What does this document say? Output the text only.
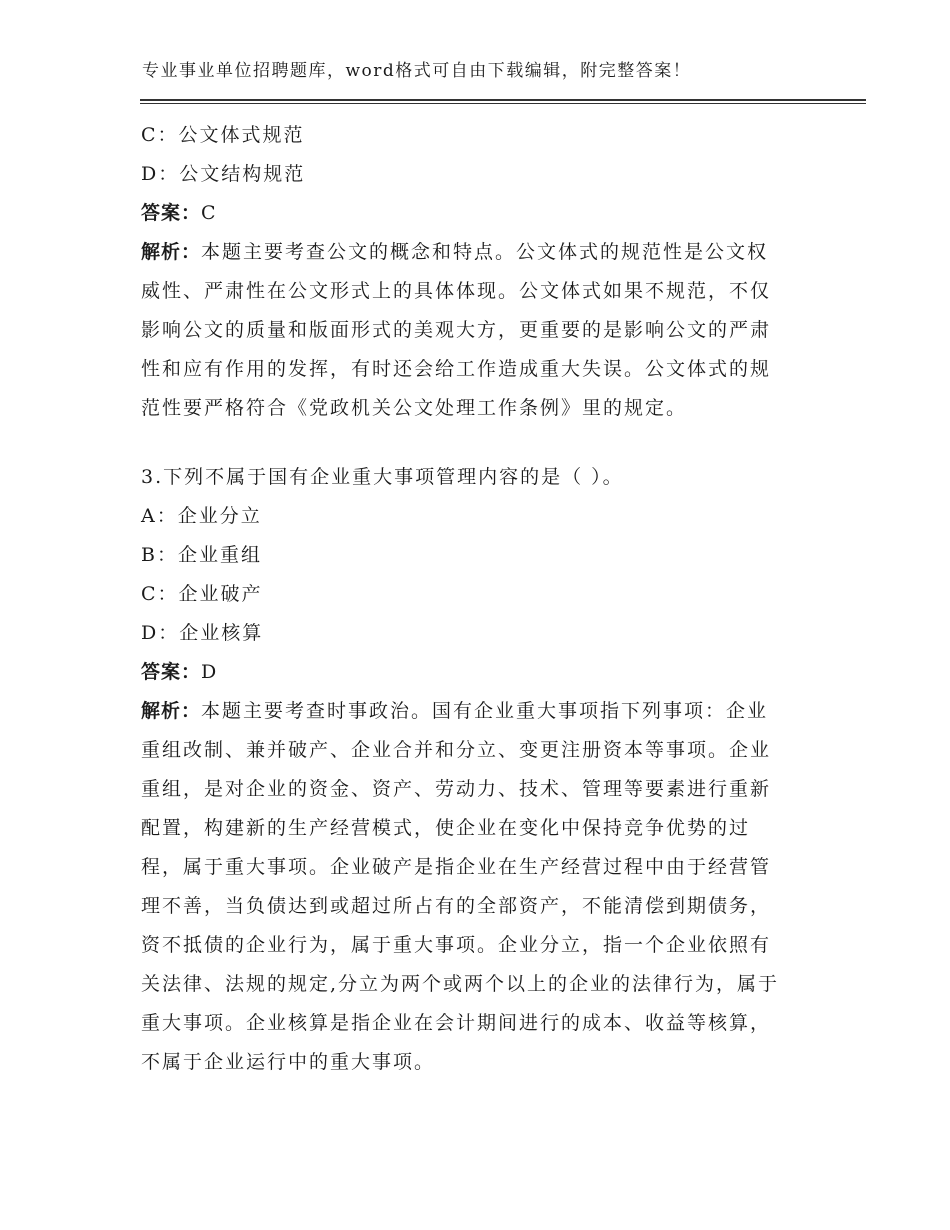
专业事业单位招聘题库，word格式可自由下载编辑，附完整答案！
C：公文体式规范
D：公文结构规范
答案：C
解析：本题主要考查公文的概念和特点。公文体式的规范性是公文权
威性、严肃性在公文形式上的具体体现。公文体式如果不规范，不仅
影响公文的质量和版面形式的美观大方，更重要的是影响公文的严肃
性和应有作用的发挥，有时还会给工作造成重大失误。公文体式的规
范性要严格符合《党政机关公文处理工作条例》里的规定。
3.下列不属于国有企业重大事项管理内容的是（ ）。
A：企业分立
B：企业重组
C：企业破产
D：企业核算
答案：D
解析：本题主要考查时事政治。国有企业重大事项指下列事项：企业
重组改制、兼并破产、企业合并和分立、变更注册资本等事项。企业
重组，是对企业的资金、资产、劳动力、技术、管理等要素进行重新
配置，构建新的生产经营模式，使企业在变化中保持竞争优势的过
程，属于重大事项。企业破产是指企业在生产经营过程中由于经营管
理不善，当负债达到或超过所占有的全部资产，不能清偿到期债务，
资不抵债的企业行为，属于重大事项。企业分立，指一个企业依照有
关法律、法规的规定,分立为两个或两个以上的企业的法律行为，属于
重大事项。企业核算是指企业在会计期间进行的成本、收益等核算，
不属于企业运行中的重大事项。
